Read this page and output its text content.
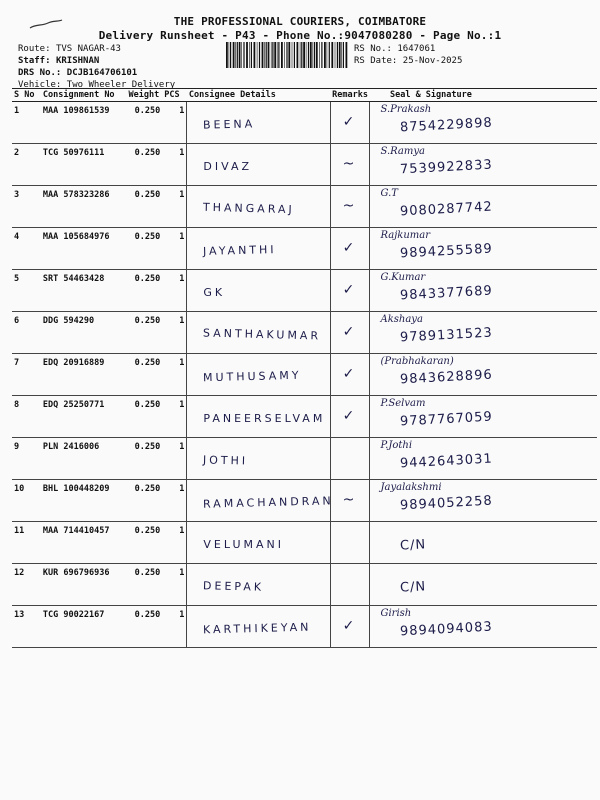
THE PROFESSIONAL COURIERS, COIMBATORE
Delivery Runsheet - P43 - Phone No.:9047080280 - Page No.:1
Route: TVS NAGAR-43
Staff: KRISHNAN
DRS No.: DCJB164706101
Vehicle: Two Wheeler Delivery
RS No.: 1647061
RS Date: 25-Nov-2025
S No	Consignment No	Weight	PCS	Consignee Details	Remarks	Seal & Signature
1	MAA 109861539	0.250	1	BEENA	✓	S.Prakash
8754229898

2	TCG 50976111	0.250	1	DIVAZ	~	S.Ramya
7539922833

3	MAA 578323286	0.250	1	THANGARAJ	~	G.T
9080287742

4	MAA 105684976	0.250	1	JAYANTHI	✓	Rajkumar
9894255589

5	SRT 54463428	0.250	1	GK	✓	G.Kumar
9843377689

6	DDG 594290	0.250	1	SANTHAKUMAR	✓	Akshaya
9789131523

7	EDQ 20916889	0.250	1	MUTHUSAMY	✓	(Prabhakaran)
9843628896

8	EDQ 25250771	0.250	1	PANEERSELVAM	✓	P.Selvam
9787767059

9	PLN 2416006	0.250	1	JOTHI		P.Jothi
9442643031

10	BHL 100448209	0.250	1	RAMACHANDRAN	~	Jayalakshmi
9894052258

11	MAA 714410457	0.250	1	VELUMANI		C/N

12	KUR 696796936	0.250	1	DEEPAK		C/N

13	TCG 90022167	0.250	1	KARTHIKEYAN	✓	Girish
9894094083
